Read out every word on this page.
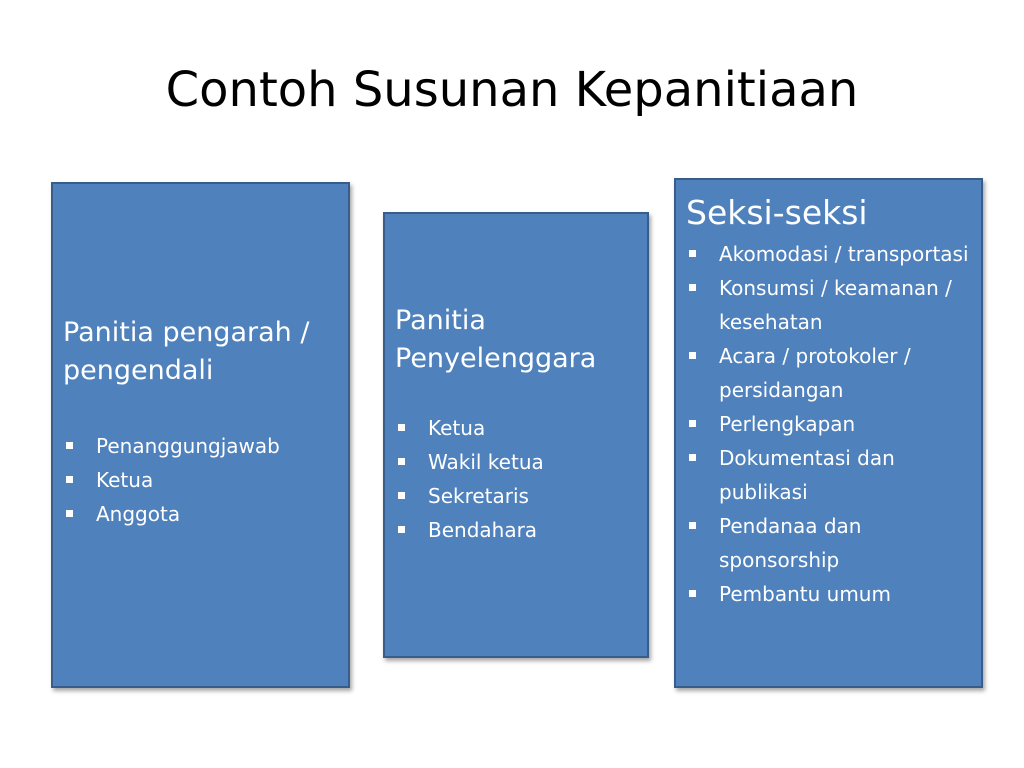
Contoh Susunan Kepanitiaan

Panitia pengarah / pengendali

Penanggungjawab
Ketua
Anggota

Panitia Penyelenggara

Ketua
Wakil ketua
Sekretaris
Bendahara

Seksi-seksi

Akomodasi / transportasi
Konsumsi / keamanan / kesehatan
Acara / protokoler / persidangan
Perlengkapan
Dokumentasi dan publikasi
Pendanaa dan sponsorship
Pembantu umum
